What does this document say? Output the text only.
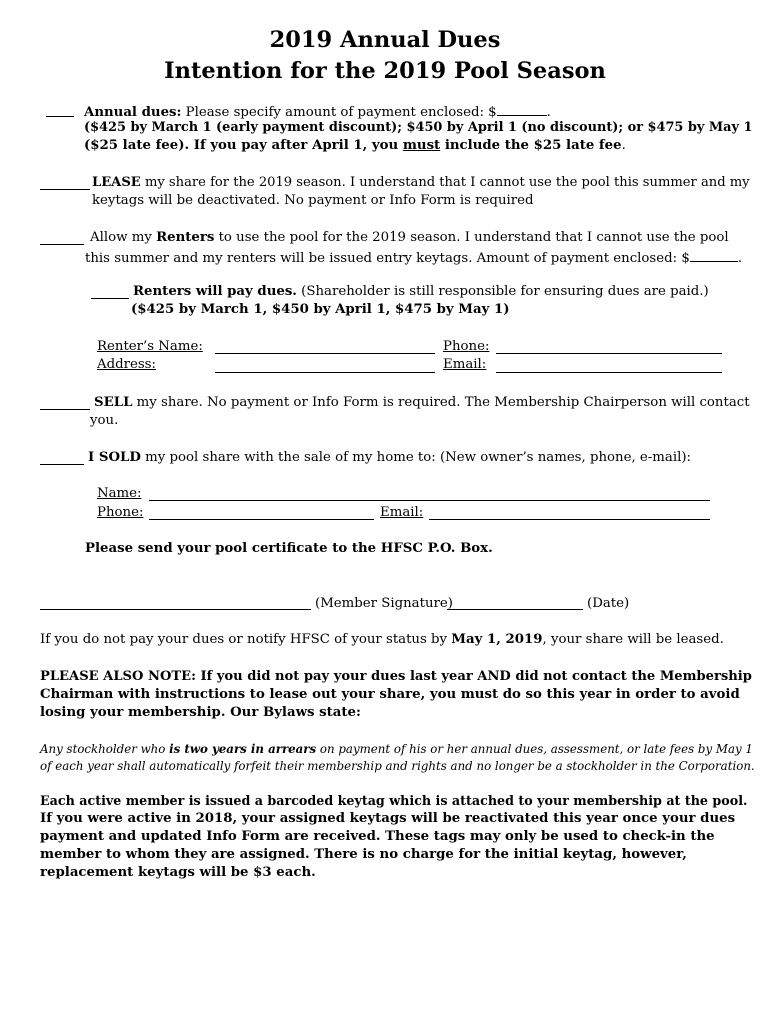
2019 Annual Dues
Intention for the 2019 Pool Season
Annual dues: Please specify amount of payment enclosed: $	.
($425 by March 1 (early payment discount); $450 by April 1 (no discount); or $475 by May 1
($25 late fee). If you pay after April 1, you must include the $25 late fee.
LEASE my share for the 2019 season. I understand that I cannot use the pool this summer and my
keytags will be deactivated. No payment or Info Form is required
Allow my Renters to use the pool for the 2019 season. I understand that I cannot use the pool
this summer and my renters will be issued entry keytags. Amount of payment enclosed: $	.
Renters will pay dues. (Shareholder is still responsible for ensuring dues are paid.)
($425 by March 1, $450 by April 1, $475 by May 1)
Renter’s Name:	Phone:
Address:	Email:
SELL my share. No payment or Info Form is required. The Membership Chairperson will contact
you.
I SOLD my pool share with the sale of my home to: (New owner’s names, phone, e-mail):
Name:
Phone:	Email:
Please send your pool certificate to the HFSC P.O. Box.
(Member Signature)	(Date)
If you do not pay your dues or notify HFSC of your status by May 1, 2019, your share will be leased.
PLEASE ALSO NOTE: If you did not pay your dues last year AND did not contact the Membership
Chairman with instructions to lease out your share, you must do so this year in order to avoid
losing your membership. Our Bylaws state:
Any stockholder who is two years in arrears on payment of his or her annual dues, assessment, or late fees by May 1
of each year shall automatically forfeit their membership and rights and no longer be a stockholder in the Corporation.
Each active member is issued a barcoded keytag which is attached to your membership at the pool.
If you were active in 2018, your assigned keytags will be reactivated this year once your dues
payment and updated Info Form are received. These tags may only be used to check-in the
member to whom they are assigned. There is no charge for the initial keytag, however,
replacement keytags will be $3 each.
